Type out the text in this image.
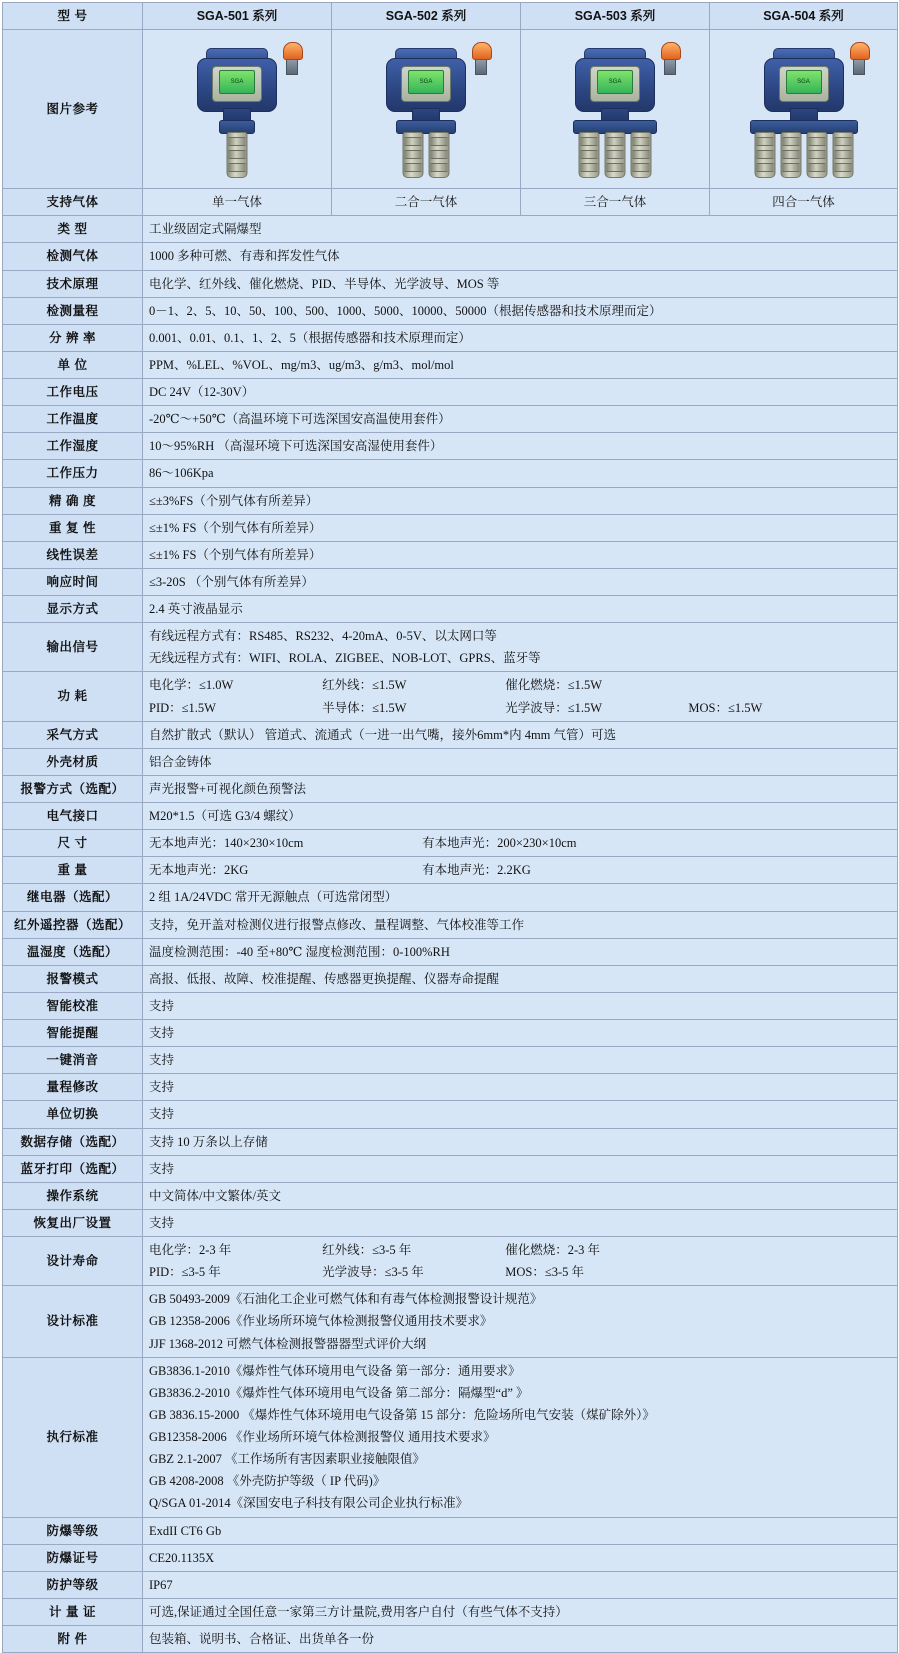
型 号	SGA-501 系列	SGA-502 系列	SGA-503 系列	SGA-504 系列
图片参考	SGA	SGA	SGA	SGA

支持气体	单一气体	二合一气体	三合一气体	四合一气体
类 型	工业级固定式隔爆型			
检测气体	1000 多种可燃、有毒和挥发性气体			
技术原理	电化学、红外线、催化燃烧、PID、半导体、光学波导、MOS 等			
检测量程	0－1、2、5、10、50、100、500、1000、5000、10000、50000（根据传感器和技术原理而定）			
分 辨 率	0.001、0.01、0.1、1、2、5（根据传感器和技术原理而定）			
单 位	PPM、%LEL、%VOL、mg/m3、ug/m3、g/m3、mol/mol			
工作电压	DC 24V（12-30V）			
工作温度	-20℃～+50℃（高温环境下可选深国安高温使用套件）			
工作湿度	10～95%RH （高湿环境下可选深国安高湿使用套件）			
工作压力	86～106Kpa			
精 确 度	≤±3%FS（个别气体有所差异）			
重 复 性	≤±1% FS（个别气体有所差异）			
线性误差	≤±1% FS（个别气体有所差异）			
响应时间	≤3-20S （个别气体有所差异）			
显示方式	2.4 英寸液晶显示			
输出信号	有线远程方式有：RS485、RS232、4-20mA、0-5V、以太网口等
无线远程方式有：WIFI、ROLA、ZIGBEE、NOB-LOT、GPRS、蓝牙等			

功 耗	电化学：≤1.0W 红外线：≤1.5W 催化燃烧：≤1.5W
PID：≤1.5W 半导体：≤1.5W 光学波导：≤1.5W MOS：≤1.5W			

采气方式	自然扩散式（默认） 管道式、流通式（一进一出气嘴，接外6mm*内 4mm 气管）可选			
外壳材质	铝合金铸体			
报警方式（选配）	声光报警+可视化颜色预警法			
电气接口	M20*1.5（可选 G3/4 螺纹）			
尺 寸	无本地声光：140×230×10cm 有本地声光：200×230×10cm			
重 量	无本地声光：2KG 有本地声光：2.2KG			
继电器（选配）	2 组 1A/24VDC 常开无源触点（可选常闭型）			
红外遥控器（选配）	支持，免开盖对检测仪进行报警点修改、量程调整、气体校准等工作			
温湿度（选配）	温度检测范围：-40 至+80℃ 湿度检测范围：0-100%RH			
报警模式	高报、低报、故障、校准提醒、传感器更换提醒、仪器寿命提醒			
智能校准	支持			
智能提醒	支持			
一键消音	支持			
量程修改	支持			
单位切换	支持			
数据存储（选配）	支持 10 万条以上存储			
蓝牙打印（选配）	支持			
操作系统	中文简体/中文繁体/英文			
恢复出厂设置	支持			
设计寿命	电化学：2-3 年 红外线：≤3-5 年 催化燃烧：2-3 年
PID：≤3-5 年 光学波导：≤3-5 年 MOS：≤3-5 年			

设计标准	GB 50493-2009《石油化工企业可燃气体和有毒气体检测报警设计规范》
GB 12358-2006《作业场所环境气体检测报警仪通用技术要求》
JJF 1368-2012 可燃气体检测报警器器型式评价大纲			

执行标准	
GB3836.1-2010《爆炸性气体环境用电气设备 第一部分：通用要求》
GB3836.2-2010《爆炸性气体环境用电气设备 第二部分：隔爆型“d” 》
GB 3836.15-2000 《爆炸性气体环境用电气设备第 15 部分：危险场所电气安装（煤矿除外）》
GB12358-2006 《作业场所环境气体检测报警仪 通用技术要求》
GBZ 2.1-2007 《工作场所有害因素职业接触限值》
GB 4208-2008 《外壳防护等级（ IP 代码)》
Q/SGA 01-2014《深国安电子科技有限公司企业执行标准》

防爆等级	ExdII CT6 Gb			
防爆证号	CE20.1135X			
防护等级	IP67			
计 量 证	可选,保证通过全国任意一家第三方计量院,费用客户自付（有些气体不支持）			
附 件	包装箱、说明书、合格证、出货单各一份			
